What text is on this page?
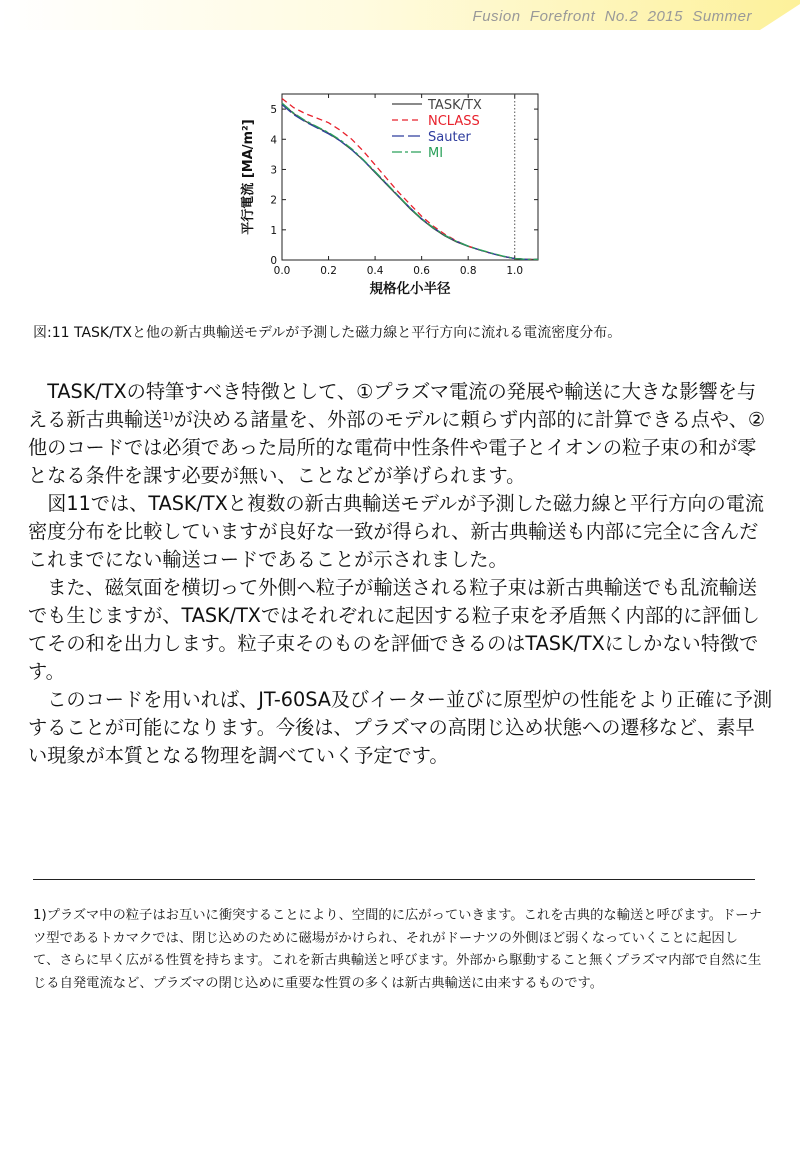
Fusion  Forefront  No.2  2015  Summer
0.0	0.2	0.4	0.6	0.8	1.0
0
1
2
3
4
5	TASK/TX
NCLASS
Sauter
MI
規格化小半径
平行電流 [MA/m²]
図:11 TASK/TXと他の新古典輸送モデルが予測した磁力線と平行方向に流れる電流密度分布。

TASK/TXの特筆すべき特徴として、①プラズマ電流の発展や輸送に大きな影響を与える新古典輸送$^{1)}$が決める諸量を、外部のモデルに頼らず内部的に計算できる点や、②他のコードでは必須であった局所的な電荷中性条件や電子とイオンの粒子束の和が零となる条件を課す必要が無い、ことなどが挙げられます。

図11では、TASK/TXと複数の新古典輸送モデルが予測した磁力線と平行方向の電流密度分布を比較していますが良好な一致が得られ、新古典輸送も内部に完全に含んだこれまでにない輸送コードであることが示されました。

また、磁気面を横切って外側へ粒子が輸送される粒子束は新古典輸送でも乱流輸送でも生じますが、TASK/TXではそれぞれに起因する粒子束を矛盾無く内部的に評価してその和を出力します。粒子束そのものを評価できるのはTASK/TXにしかない特徴です。

このコードを用いれば、JT-60SA及びイーター並びに原型炉の性能をより正確に予測することが可能になります。今後は、プラズマの高閉じ込め状態への遷移など、素早い現象が本質となる物理を調べていく予定です。

1)プラズマ中の粒子はお互いに衝突することにより、空間的に広がっていきます。これを古典的な輸送と呼びます。ドーナツ型であるトカマクでは、閉じ込めのために磁場がかけられ、それがドーナツの外側ほど弱くなっていくことに起因して、さらに早く広がる性質を持ちます。これを新古典輸送と呼びます。外部から駆動すること無くプラズマ内部で自然に生じる自発電流など、プラズマの閉じ込めに重要な性質の多くは新古典輸送に由来するものです。
